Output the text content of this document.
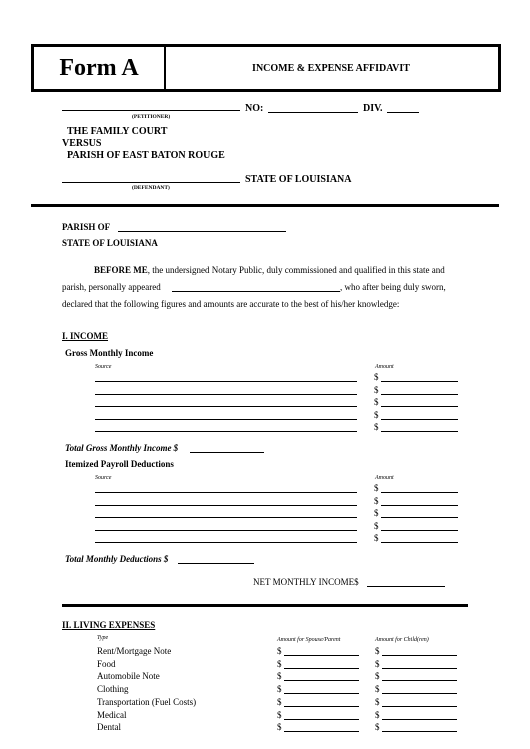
Form A	INCOME & EXPENSE AFFIDAVIT
(PETITIONER)
NO:	DIV.
THE FAMILY COURT
VERSUS
PARISH OF EAST BATON ROUGE
(DEFENDANT)
STATE OF LOUISIANA
PARISH OF
STATE OF LOUISIANA
BEFORE ME, the undersigned Notary Public, duly commissioned and qualified in this state and
parish, personally appeared	, who after being duly sworn,
declared that the following figures and amounts are accurate to the best of his/her knowledge:
I. INCOME
Gross Monthly Income
Source	Amount
$
$
$
$
$
Total Gross Monthly Income $
Itemized Payroll Deductions
Source	Amount
$
$
$
$
$
Total Monthly Deductions $
NET MONTHLY INCOME$
II. LIVING EXPENSES
Type	Amount for Spouse/Parent	Amount for Child(ren)
Rent/Mortgage Note	$	$
Food	$	$
Automobile Note	$	$
Clothing	$	$
Transportation (Fuel Costs)	$	$
Medical	$	$
Dental	$	$
